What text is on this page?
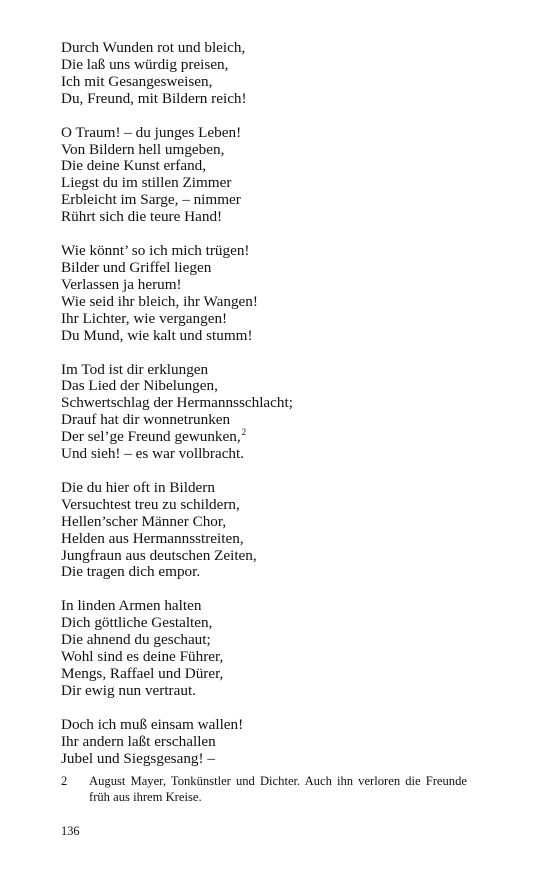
Durch Wunden rot und bleich,
Die laß uns würdig preisen,
Ich mit Gesangesweisen,
Du, Freund, mit Bildern reich!
O Traum! – du junges Leben!
Von Bildern hell umgeben,
Die deine Kunst erfand,
Liegst du im stillen Zimmer
Erbleicht im Sarge, – nimmer
Rührt sich die teure Hand!
Wie könnt’ so ich mich trügen!
Bilder und Griffel liegen
Verlassen ja herum!
Wie seid ihr bleich, ihr Wangen!
Ihr Lichter, wie vergangen!
Du Mund, wie kalt und stumm!
Im Tod ist dir erklungen
Das Lied der Nibelungen,
Schwertschlag der Hermannsschlacht;
Drauf hat dir wonnetrunken
Der sel’ge Freund gewunken,$^2$
Und sieh! – es war vollbracht.
Die du hier oft in Bildern
Versuchtest treu zu schildern,
Hellen’scher Männer Chor,
Helden aus Hermannsstreiten,
Jungfraun aus deutschen Zeiten,
Die tragen dich empor.
In linden Armen halten
Dich göttliche Gestalten,
Die ahnend du geschaut;
Wohl sind es deine Führer,
Mengs, Raffael und Dürer,
Dir ewig nun vertraut.
Doch ich muß einsam wallen!
Ihr andern laßt erschallen
Jubel und Siegsgesang! –
2 August Mayer, Tonkünstler und Dichter. Auch ihn verloren die Freunde früh aus ihrem Kreise.
136
